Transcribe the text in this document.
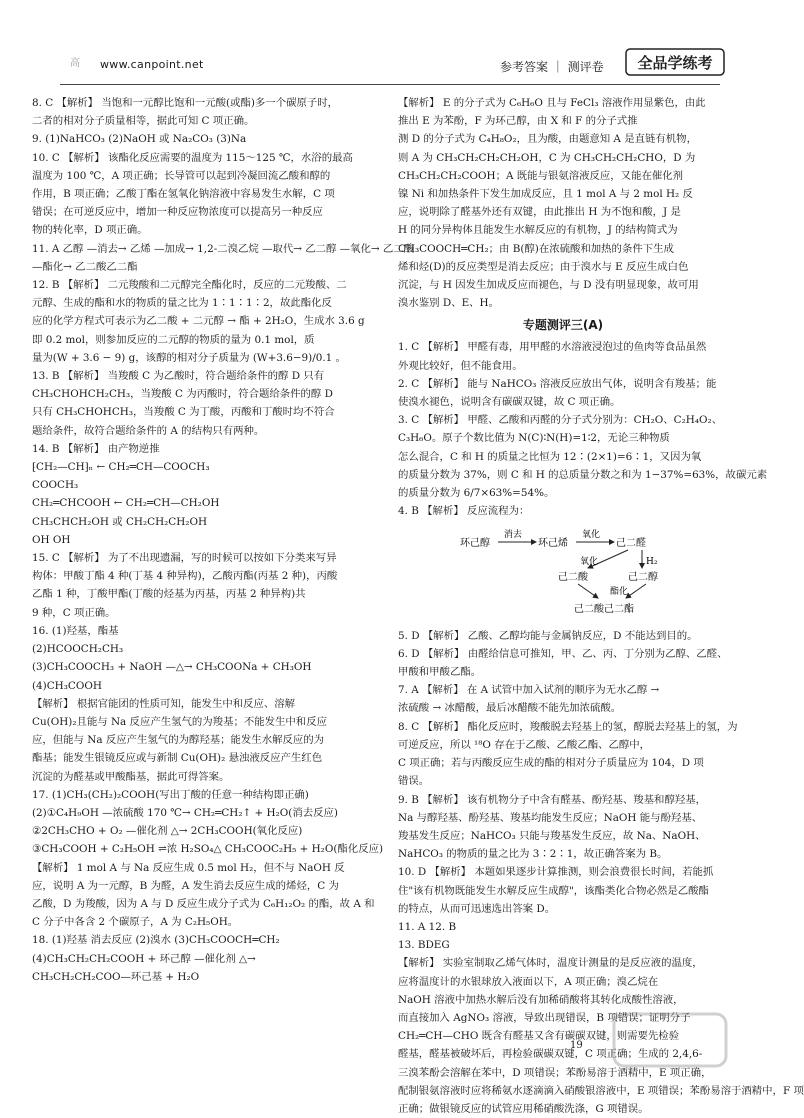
高 www.canpoint.net	参考答案 ｜ 测评卷 全品学练考

8. C 【解析】 当饱和一元醇比饱和一元酸(或酯)多一个碳原子时，

二者的相对分子质量相等，据此可知 C 项正确。

9. (1)NaHCO₃ (2)NaOH 或 Na₂CO₃ (3)Na

10. C 【解析】 该酯化反应需要的温度为 115～125 ℃，水浴的最高

温度为 100 ℃，A 项正确；长导管可以起到冷凝回流乙酸和醇的

作用，B 项正确；乙酸丁酯在氢氧化钠溶液中容易发生水解，C 项

错误；在可逆反应中，增加一种反应物浓度可以提高另一种反应

物的转化率，D 项正确。

11. A 乙醇 —消去→ 乙烯 —加成→ 1,2-二溴乙烷 —取代→ 乙二醇 —氧化→ 乙二酸

—酯化→ 乙二酸乙二酯

12. B 【解析】 二元羧酸和二元醇完全酯化时，反应的二元羧酸、二

元醇、生成的酯和水的物质的量之比为 1∶1∶1∶2，故此酯化反

应的化学方程式可表示为乙二酸 + 二元醇 → 酯 + 2H₂O，生成水 3.6 g

即 0.2 mol，则参加反应的二元醇的物质的量为 0.1 mol，质

量为(W + 3.6 − 9) g，该醇的相对分子质量为 (W+3.6−9)/0.1 。

13. B 【解析】 当羧酸 C 为乙酸时，符合题给条件的醇 D 只有

CH₃CHOHCH₂CH₃，当羧酸 C 为丙酸时，符合题给条件的醇 D

只有 CH₃CHOHCH₃，当羧酸 C 为丁酸，丙酸和丁酸时均不符合

题给条件，故符合题给条件的 A 的结构只有两种。

14. B 【解析】 由产物逆推

⁅CH₂—CH⁆ₙ ← CH₂═CH—COOCH₃

COOCH₃

CH₂═CHCOOH ← CH₂═CH—CH₂OH

CH₃CHCH₂OH 或 CH₂CH₂CH₂OH

OH OH

15. C 【解析】 为了不出现遗漏，写的时候可以按如下分类来写异

构体：甲酸丁酯 4 种(丁基 4 种异构)，乙酸丙酯(丙基 2 种)，丙酸

乙酯 1 种，丁酸甲酯(丁酸的烃基为丙基，丙基 2 种异构)共

9 种，C 项正确。

16. (1)羟基，酯基

(2)HCOOCH₂CH₃

(3)CH₃COOCH₃ + NaOH —△→ CH₃COONa + CH₃OH

(4)CH₃COOH

【解析】 根据官能团的性质可知，能发生中和反应、溶解

Cu(OH)₂且能与 Na 反应产生氢气的为羧基；不能发生中和反应

应，但能与 Na 反应产生氢气的为醇羟基；能发生水解反应的为

酯基；能发生银镜反应或与新制 Cu(OH)₂ 悬浊液反应产生红色

沉淀的为醛基或甲酸酯基，据此可得答案。

17. (1)CH₃(CH₂)₂COOH(写出丁酸的任意一种结构即正确)

(2)①C₄H₉OH —浓硫酸 170 ℃→ CH₂═CH₂↑ + H₂O(消去反应)

②2CH₃CHO + O₂ —催化剂 △→ 2CH₃COOH(氧化反应)

③CH₃COOH + C₂H₅OH ⇌浓 H₂SO₄△ CH₃COOC₂H₅ + H₂O(酯化反应)

【解析】 1 mol A 与 Na 反应生成 0.5 mol H₂，但不与 NaOH 反

应，说明 A 为一元醇，B 为醛，A 发生消去反应生成的烯烃，C 为

乙酸，D 为羧酸，因为 A 与 D 反应生成分子式为 C₆H₁₂O₂ 的酯，故 A 和

C 分子中各含 2 个碳原子，A 为 C₂H₅OH。

18. (1)羟基 消去反应 (2)溴水 (3)CH₃COOCH═CH₂

(4)CH₃CH₂CH₂COOH + 环己醇 —催化剂 △→

CH₃CH₂CH₂COO—环己基 + H₂O

【解析】 E 的分子式为 C₆H₆O 且与 FeCl₃ 溶液作用显紫色，由此

推出 E 为苯酚，F 为环己醇，由 X 和 F 的分子式推

测 D 的分子式为 C₄H₈O₂，且为酸，由题意知 A 是直链有机物，

则 A 为 CH₃CH₂CH₂CH₂OH，C 为 CH₃CH₂CH₂CHO，D 为

CH₃CH₂CH₂COOH；A 既能与银氨溶液反应，又能在催化剂

镍 Ni 和加热条件下发生加成反应，且 1 mol A 与 2 mol H₂ 反

应，说明除了醛基外还有双键，由此推出 H 为不饱和酸，J 是

H 的同分异构体且能发生水解反应的有机物，J 的结构简式为

CH₃COOCH═CH₂；由 B(醇)在浓硫酸和加热的条件下生成

烯和烃(D)的反应类型是消去反应；由于溴水与 E 反应生成白色

沉淀，与 H 因发生加成反应而褪色，与 D 没有明显现象，故可用

溴水鉴别 D、E、H。

专题测评三(A)

1. C 【解析】 甲醛有毒，用甲醛的水溶液浸泡过的鱼肉等食品虽然

外观比较好，但不能食用。

2. C 【解析】 能与 NaHCO₃ 溶液反应放出气体，说明含有羧基；能

使溴水褪色，说明含有碳碳双键，故 C 项正确。

3. C 【解析】 甲醛、乙酸和丙醛的分子式分别为：CH₂O、C₂H₄O₂、

C₃H₆O。原子个数比值为 N(C)∶N(H)=1∶2，无论三种物质

怎么混合，C 和 H 的质量之比恒为 12∶(2×1)=6∶1，又因为氧

的质量分数为 37%，则 C 和 H 的总质量分数之和为 1−37%=63%，故碳元素

的质量分数为 6/7×63%=54%。

4. B 【解析】 反应流程为：

环己醇
消去
环己烯
氧化
己二醛
氧化	H₂
己二酸	己二醇
酯化
己二酸己二酯

5. D 【解析】 乙酸、乙醇均能与金属钠反应，D 不能达到目的。

6. D 【解析】 由醛给信息可推知，甲、乙、丙、丁分别为乙醇、乙醛、

甲酸和甲酸乙酯。

7. A 【解析】 在 A 试管中加入试剂的顺序为无水乙醇 →

浓硫酸 → 冰醋酸，最后冰醋酸不能先加浓硫酸。

8. C 【解析】 酯化反应时，羧酸脱去羟基上的氢，醇脱去羟基上的氢，为

可逆反应，所以 ¹⁸O 存在于乙酸、乙酸乙酯、乙醇中，

C 项正确；若与丙酸反应生成的酯的相对分子质量应为 104，D 项

错误。

9. B 【解析】 该有机物分子中含有醛基、酚羟基、羧基和醇羟基，

Na 与醇羟基、酚羟基、羧基均能发生反应；NaOH 能与酚羟基、

羧基发生反应；NaHCO₃ 只能与羧基发生反应，故 Na、NaOH、

NaHCO₃ 的物质的量之比为 3∶2∶1，故正确答案为 B。

10. D 【解析】 本题如果逐步计算推测，则会浪费很长时间，若能抓

住"该有机物既能发生水解反应生成醇"，该酯类化合物必然是乙酸酯

的特点，从而可迅速选出答案 D。

11. A 12. B

13. BDEG

【解析】 实验室制取乙烯气体时，温度计测量的是反应液的温度，

应将温度计的水银球放入液面以下，A 项正确；溴乙烷在

NaOH 溶液中加热水解后没有加稀硝酸将其转化成酸性溶液，

而直接加入 AgNO₃ 溶液，导致出现错误，B 项错误；证明分子

CH₂═CH—CHO 既含有醛基又含有碳碳双键，则需要先检验

醛基，醛基被破坏后，再检验碳碳双键，C 项正确；生成的 2,4,6-

三溴苯酚会溶解在苯中，D 项错误；苯酚易溶于酒精中，E 项正确，

配制银氨溶液时应将稀氨水逐滴滴入硝酸银溶液中，E 项错误；苯酚易溶于酒精中，F 项

正确；做银镜反应的试管应用稀硝酸洗涤，G 项错误。

19
